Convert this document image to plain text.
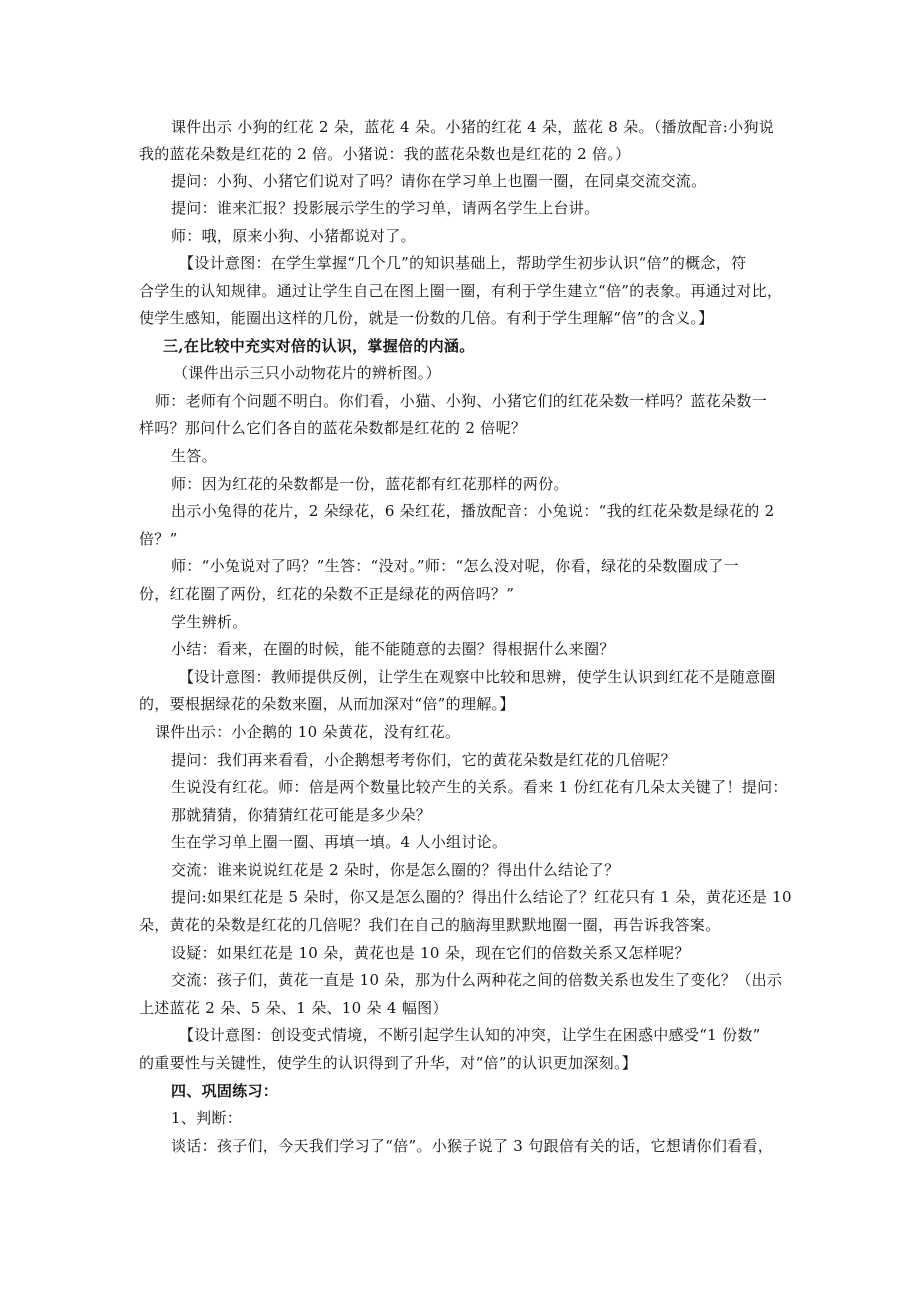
课件出示 小狗的红花 2 朵，蓝花 4 朵。小猪的红花 4 朵，蓝花 8 朵。（播放配音:小狗说
我的蓝花朵数是红花的 2 倍。小猪说：我的蓝花朵数也是红花的 2 倍。）
提问：小狗、小猪它们说对了吗？请你在学习单上也圈一圈，在同桌交流交流。
提问：谁来汇报？投影展示学生的学习单，请两名学生上台讲。
师：哦，原来小狗、小猪都说对了。
【设计意图：在学生掌握“几个几”的知识基础上，帮助学生初步认识“倍”的概念，符
合学生的认知规律。通过让学生自己在图上圈一圈，有利于学生建立“倍”的表象。再通过对比，
使学生感知，能圈出这样的几份，就是一份数的几倍。有利于学生理解“倍”的含义。】
三,在比较中充实对倍的认识，掌握倍的内涵。
（课件出示三只小动物花片的辨析图。）
师：老师有个问题不明白。你们看，小猫、小狗、小猪它们的红花朵数一样吗？蓝花朵数一
样吗？那问什么它们各自的蓝花朵数都是红花的 2 倍呢？
生答。
师：因为红花的朵数都是一份，蓝花都有红花那样的两份。
出示小兔得的花片，2 朵绿花，6 朵红花，播放配音：小兔说：“我的红花朵数是绿花的 2
倍？”
师：“小兔说对了吗？”生答：“没对。”师：“怎么没对呢，你看，绿花的朵数圈成了一
份，红花圈了两份，红花的朵数不正是绿花的两倍吗？”
学生辨析。
小结：看来，在圈的时候，能不能随意的去圈？得根据什么来圈？
【设计意图：教师提供反例，让学生在观察中比较和思辨，使学生认识到红花不是随意圈
的，要根据绿花的朵数来圈，从而加深对“倍”的理解。】
课件出示：小企鹅的 10 朵黄花，没有红花。
提问：我们再来看看，小企鹅想考考你们，它的黄花朵数是红花的几倍呢？
生说没有红花。师：倍是两个数量比较产生的关系。看来 1 份红花有几朵太关键了！提问：
那就猜猜，你猜猜红花可能是多少朵？
生在学习单上圈一圈、再填一填。4 人小组讨论。
交流：谁来说说红花是 2 朵时，你是怎么圈的？得出什么结论了？
提问:如果红花是 5 朵时，你又是怎么圈的？得出什么结论了？红花只有 1 朵，黄花还是 10
朵，黄花的朵数是红花的几倍呢？我们在自己的脑海里默默地圈一圈，再告诉我答案。
设疑：如果红花是 10 朵，黄花也是 10 朵，现在它们的倍数关系又怎样呢？
交流：孩子们，黄花一直是 10 朵，那为什么两种花之间的倍数关系也发生了变化？（出示
上述蓝花 2 朵、5 朵、1 朵、10 朵 4 幅图）
【设计意图：创设变式情境，不断引起学生认知的冲突，让学生在困惑中感受“1 份数”
的重要性与关键性，使学生的认识得到了升华，对“倍”的认识更加深刻。】
四、巩固练习：
1、判断：
谈话：孩子们，今天我们学习了“倍”。小猴子说了 3 句跟倍有关的话，它想请你们看看，
